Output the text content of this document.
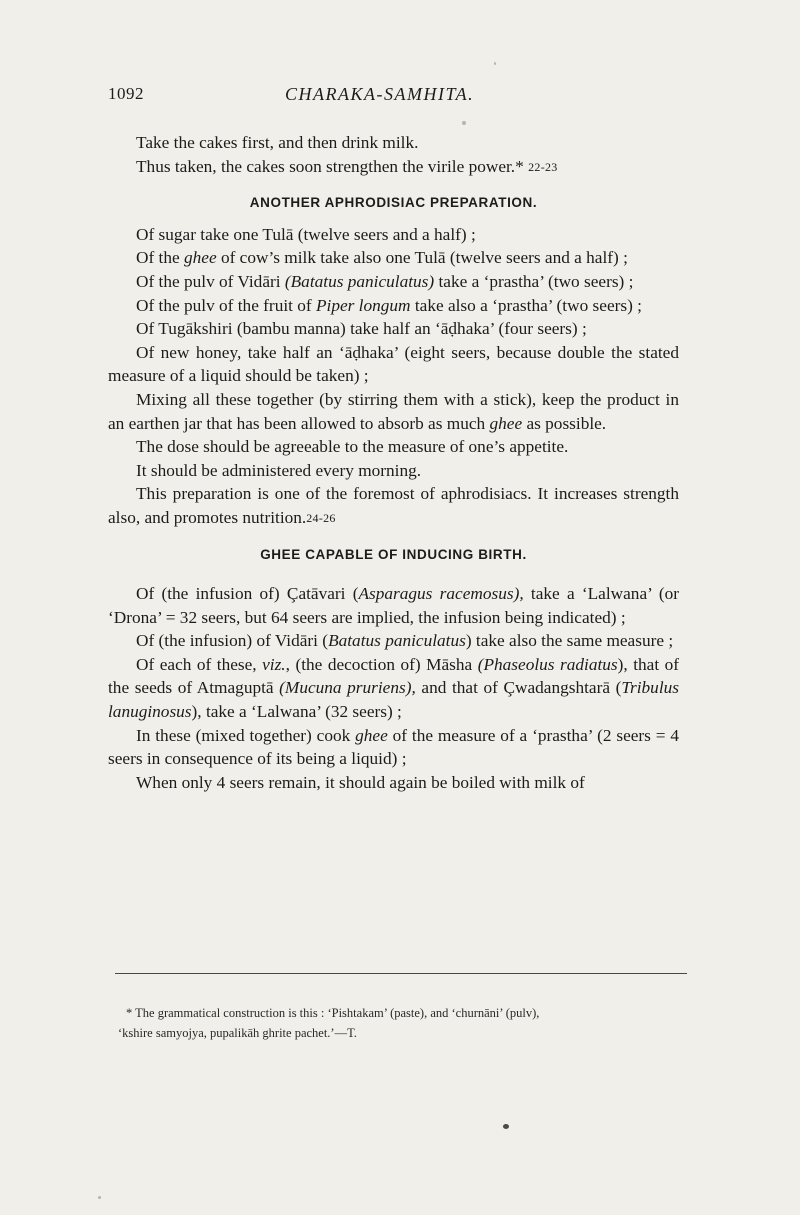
1092	CHARAKA-SAMHITA.

Take the cakes first, and then drink milk.

Thus taken, the cakes soon strengthen the virile power.* 22-23

ANOTHER APHRODISIAC PREPARATION.

Of sugar take one Tulā (twelve seers and a half) ;

Of the ghee of cow’s milk take also one Tulā (twelve seers and a half) ;

Of the pulv of Vidāri (Batatus paniculatus) take a ‘prastha’ (two seers) ;

Of the pulv of the fruit of Piper longum take also a ‘prastha’ (two seers) ;

Of Tugākshiri (bambu manna) take half an ‘āḍhaka’ (four seers) ;

Of new honey, take half an ‘āḍhaka’ (eight seers, because double the stated measure of a liquid should be taken) ;

Mixing all these together (by stirring them with a stick), keep the product in an earthen jar that has been allowed to absorb as much ghee as possible.

The dose should be agreeable to the measure of one’s appetite.

It should be administered every morning.

This preparation is one of the foremost of aphrodisiacs. It increases strength also, and promotes nutrition.24-26

GHEE CAPABLE OF INDUCING BIRTH.

Of (the infusion of) Çatāvari (Asparagus racemosus), take a ‘Lalwana’ (or ‘Drona’ = 32 seers, but 64 seers are implied, the infusion being indicated) ;

Of (the infusion) of Vidāri (Batatus paniculatus) take also the same measure ;

Of each of these, viz., (the decoction of) Māsha (Phaseolus radiatus), that of the seeds of Atmaguptā (Mucuna pruriens), and that of Çwadangshtarā (Tribulus lanuginosus), take a ‘Lalwana’ (32 seers) ;

In these (mixed together) cook ghee of the measure of a ‘prastha’ (2 seers = 4 seers in consequence of its being a liquid) ;

When only 4 seers remain, it should again be boiled with milk of

* The grammatical construction is this : ‘Pishtakam’ (paste), and ‘churnāni’ (pulv),

‘kshire samyojya, pupalikāh ghrite pachet.’—T.
